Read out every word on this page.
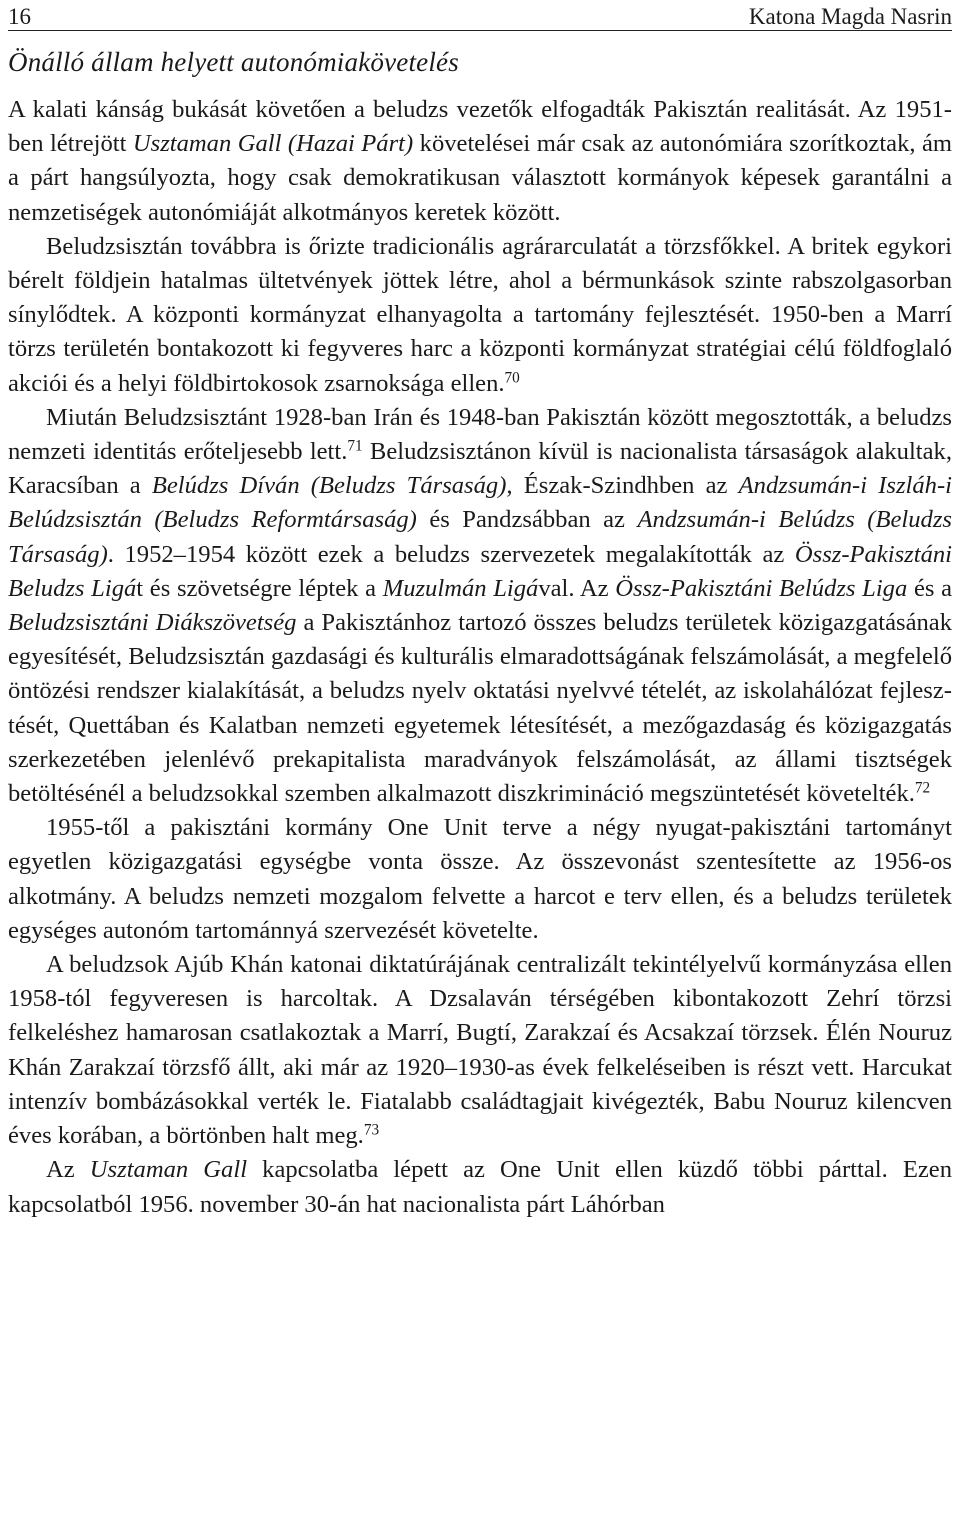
16	Katona Magda Nasrin
Önálló állam helyett autonómiakövetelés

A kalati kánság bukását követően a beludzs vezetők elfogadták Pakisztán realitását. Az 1951-ben létrejött Usztaman Gall (Hazai Párt) követelései már csak az autonómiára szorítkoztak, ám a párt hangsúlyozta, hogy csak demokratikusan választott kormányok képesek garantálni a nemzetiségek autonómiáját alkotmányos keretek között.

Beludzsisztán továbbra is őrizte tradicionális agrárarculatát a törzsfőkkel. A britek egykori bérelt földjein hatalmas ültetvények jöttek létre, ahol a bérmunkások szinte rabszolgasorban sínylődtek. A központi kormányzat elhanyagolta a tartomány fejlesztését. 1950-ben a Marrí törzs területén bontakozott ki fegyveres harc a központi kormányzat stratégiai célú földfoglaló akciói és a helyi földbirtokosok zsarnoksága ellen.$^{70}$

Miután Beludzsisztánt 1928-ban Irán és 1948-ban Pakisztán között megosztották, a beludzs nemzeti identitás erőteljesebb lett.$^{71}$ Beludzsisztánon kívül is nacionalista társaságok alakultak, Karacsíban a Belúdzs Díván (Beludzs Társaság), Észak-Szindhben az Andzsumán-i Iszláh-i Belúdzsisztán (Beludzs Reformtársaság) és Pandzsábban az Andzsumán-i Belúdzs (Beludzs Társaság). 1952–1954 között ezek a beludzs szervezetek megalakították az Össz-Pakisztáni Beludzs Ligát és szövetségre léptek a Muzulmán Ligával. Az Össz-Pakisztáni Belúdzs Liga és a Beludzsisztáni Diákszövetség a Pakisztánhoz tartozó összes beludzs területek közigazgatásának egyesítését, Beludzsisztán gazdasági és kulturális elmaradottságának felszámolását, a megfelelő öntözési rendszer kialakítását, a beludzs nyelv oktatási nyelvvé tételét, az iskolahálózat fejlesztését, Quettában és Kalatban nemzeti egyetemek létesítését, a mezőgazdaság és közigazgatás szerkezetében jelenlévő prekapitalista maradványok felszámolását, az állami tisztségek betöltésénél a beludzsokkal szemben alkalmazott diszkrimináció megszüntetését követelték.$^{72}$

1955-től a pakisztáni kormány One Unit terve a négy nyugat-pakisztáni tartományt egyetlen közigazgatási egységbe vonta össze. Az összevonást szentesítette az 1956-os alkotmány. A beludzs nemzeti mozgalom felvette a harcot e terv ellen, és a beludzs területek egységes autonóm tartománnyá szervezését követelte.

A beludzsok Ajúb Khán katonai diktatúrájának centralizált tekintélyelvű kormányzása ellen 1958-tól fegyveresen is harcoltak. A Dzsalaván térségében kibontakozott Zehrí törzsi felkeléshez hamarosan csatlakoztak a Marrí, Bugtí, Zarakzaí és Acsakzaí törzsek. Élén Nouruz Khán Zarakzaí törzsfő állt, aki már az 1920–1930-as évek felkeléseiben is részt vett. Harcukat intenzív bombázásokkal verték le. Fiatalabb családtagjait kivégezték, Babu Nouruz kilencven éves korában, a börtönben halt meg.$^{73}$

Az Usztaman Gall kapcsolatba lépett az One Unit ellen küzdő többi párttal. Ezen kapcsolatból 1956. november 30-án hat nacionalista párt Láhórban
